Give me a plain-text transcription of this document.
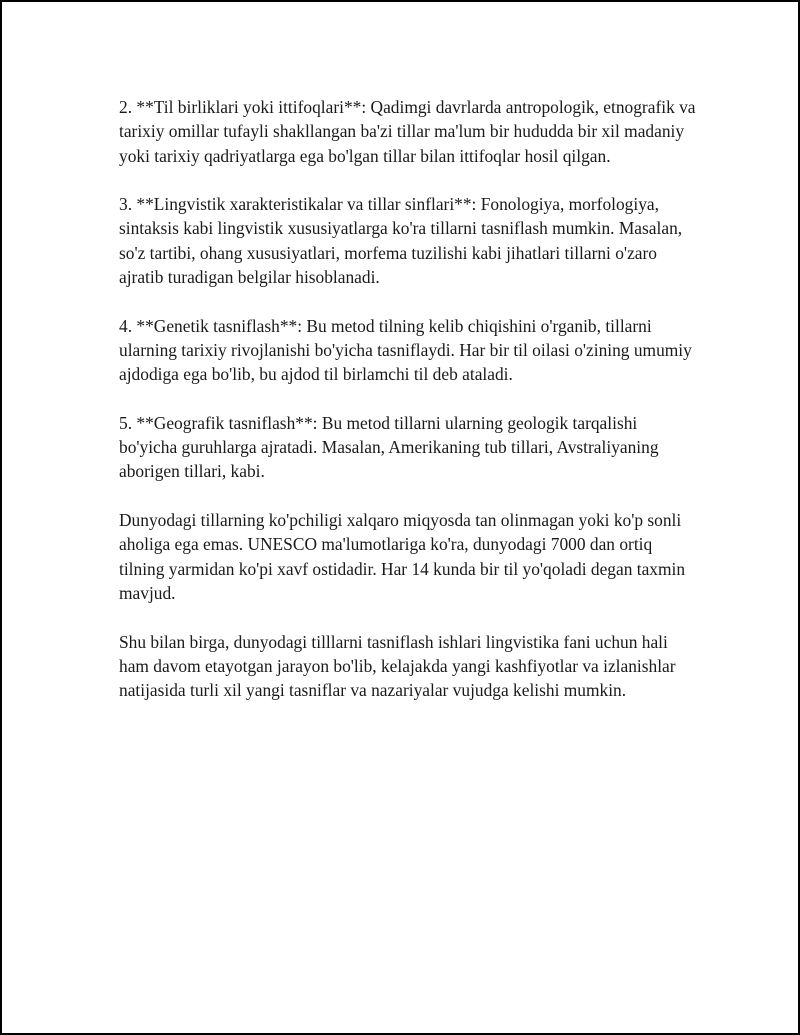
2. **Til birliklari yoki ittifoqlari**: Qadimgi davrlarda antropologik, etnografik va tarixiy omillar tufayli shakllangan ba'zi tillar ma'lum bir hududda bir xil madaniy yoki tarixiy qadriyatlarga ega bo'lgan tillar bilan ittifoqlar hosil qilgan.

3. **Lingvistik xarakteristikalar va tillar sinflari**: Fonologiya, morfologiya, sintaksis kabi lingvistik xususiyatlarga ko'ra tillarni tasniflash mumkin. Masalan, so'z tartibi, ohang xususiyatlari, morfema tuzilishi kabi jihatlari tillarni o'zaro ajratib turadigan belgilar hisoblanadi.

4. **Genetik tasniflash**: Bu metod tilning kelib chiqishini o'rganib, tillarni ularning tarixiy rivojlanishi bo'yicha tasniflaydi. Har bir til oilasi o'zining umumiy ajdodiga ega bo'lib, bu ajdod til birlamchi til deb ataladi.

5. **Geografik tasniflash**: Bu metod tillarni ularning geologik tarqalishi bo'yicha guruhlarga ajratadi. Masalan, Amerikaning tub tillari, Avstraliyaning aborigen tillari, kabi.

Dunyodagi tillarning ko'pchiligi xalqaro miqyosda tan olinmagan yoki ko'p sonli aholiga ega emas. UNESCO ma'lumotlariga ko'ra, dunyodagi 7000 dan ortiq tilning yarmidan ko'pi xavf ostidadir. Har 14 kunda bir til yo'qoladi degan taxmin mavjud.

Shu bilan birga, dunyodagi tilllarni tasniflash ishlari lingvistika fani uchun hali ham davom etayotgan jarayon bo'lib, kelajakda yangi kashfiyotlar va izlanishlar natijasida turli xil yangi tasniflar va nazariyalar vujudga kelishi mumkin.
